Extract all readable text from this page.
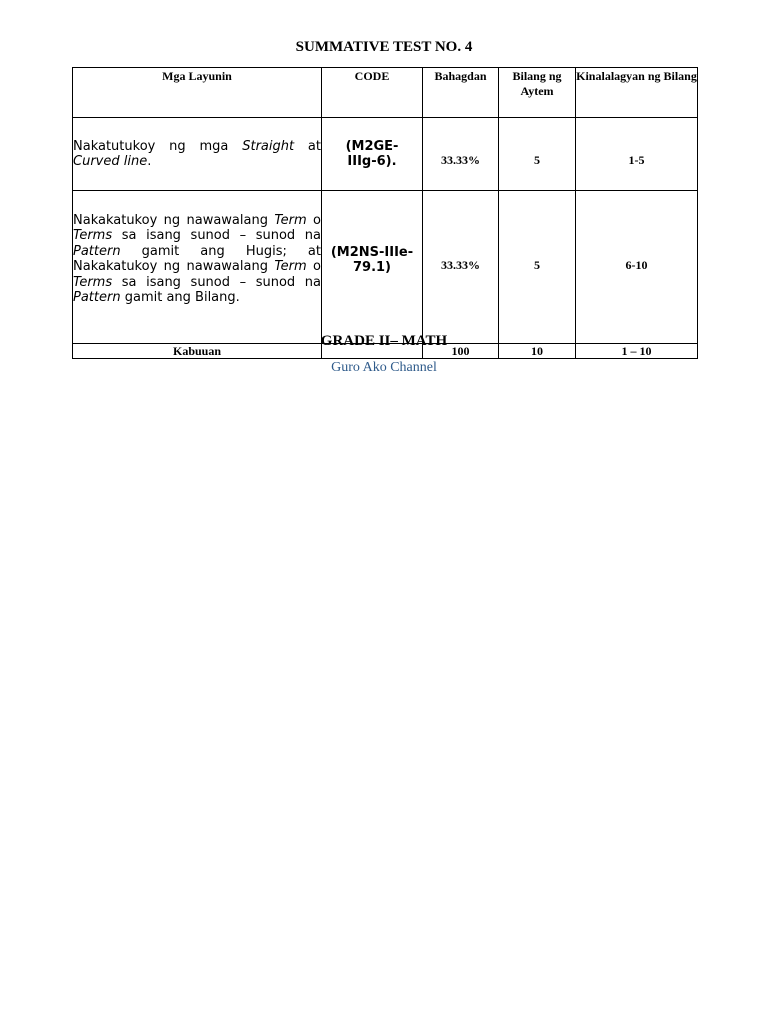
SUMMATIVE TEST NO. 4
Mga Layunin	CODE	Bahagdan	Bilang ng Aytem	Kinalalagyan ng Bilang
Nakatutukoy ng mga Straight at Curved line.	(M2GE-IIIg-6).	33.33%	5	1-5
Nakakatukoy ng nawawalang Term o Terms sa isang sunod – sunod na Pattern gamit ang Hugis; at Nakakatukoy ng nawawalang Term o Terms sa isang sunod – sunod na Pattern gamit ang Bilang.	(M2NS-IIIe-79.1)	33.33%	5	6-10
Kabuuan		100	10	1 – 10
GRADE II– MATH
Guro Ako Channel
